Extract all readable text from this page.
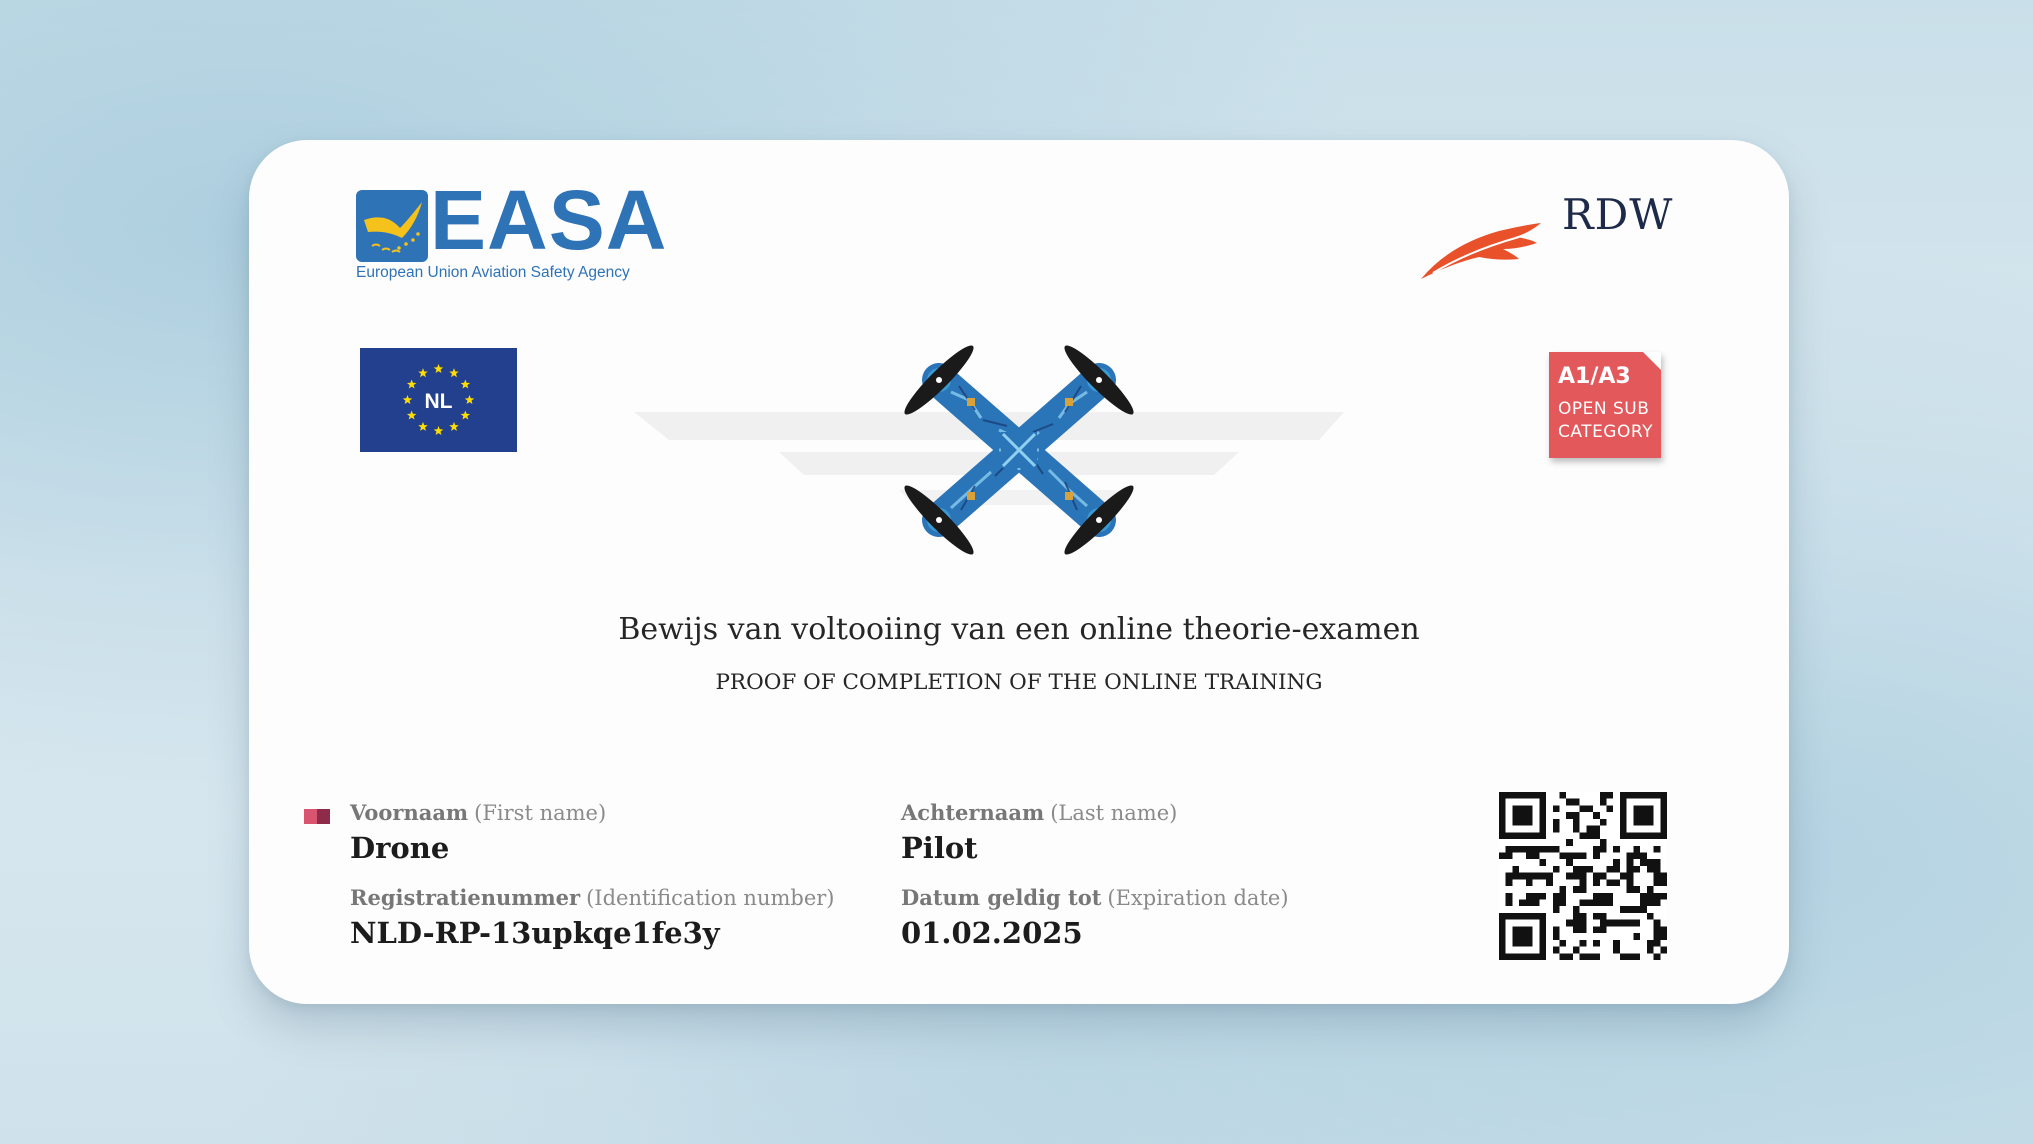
EASA
European Union Aviation Safety Agency
RDW
NL
A1/A3
OPEN SUB
CATEGORY
Bewijs van voltooiing van een online theorie-examen
PROOF OF COMPLETION OF THE ONLINE TRAINING
Voornaam (First name)
Drone
Achternaam (Last name)
Pilot
Registratienummer (Identification number)
NLD-RP-13upkqe1fe3y
Datum geldig tot (Expiration date)
01.02.2025
